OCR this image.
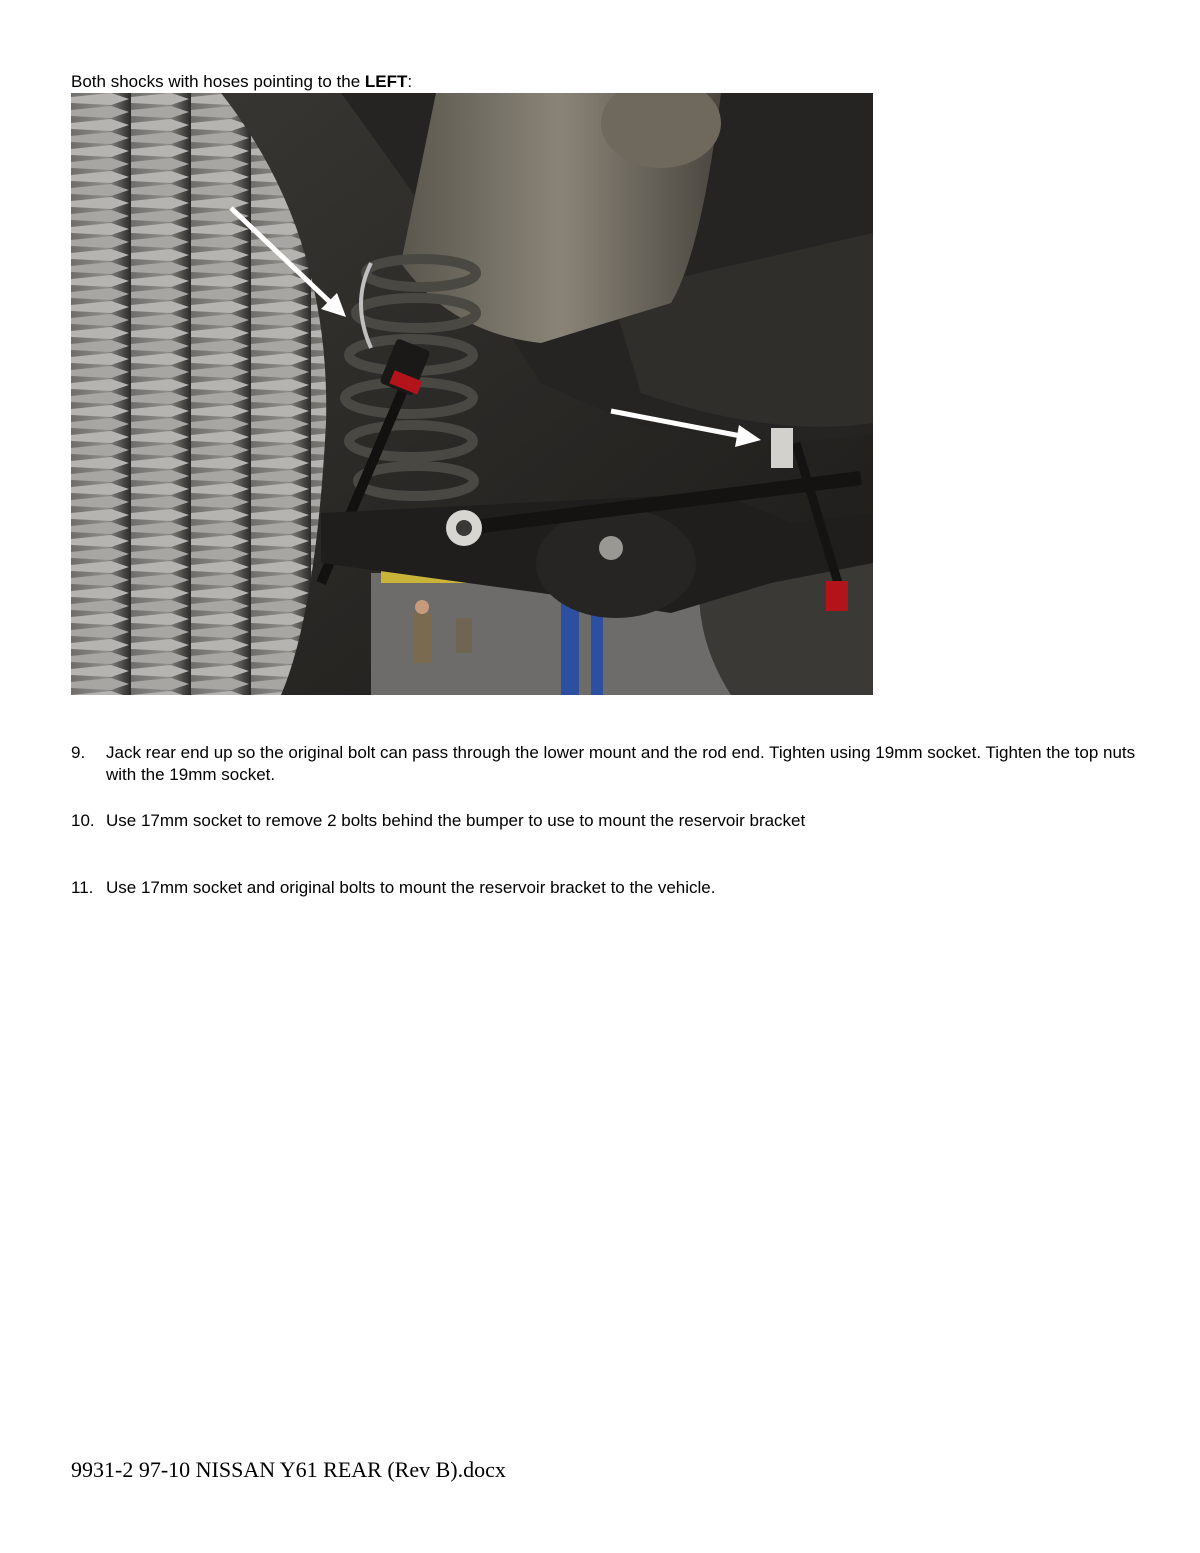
Both shocks with hoses pointing to the LEFT:
9. Jack rear end up so the original bolt can pass through the lower mount and the rod end. Tighten using 19mm socket. Tighten the top nuts with the 19mm socket.
10. Use 17mm socket to remove 2 bolts behind the bumper to use to mount the reservoir bracket
11. Use 17mm socket and original bolts to mount the reservoir bracket to the vehicle.
9931-2 97-10 NISSAN Y61 REAR (Rev B).docx
